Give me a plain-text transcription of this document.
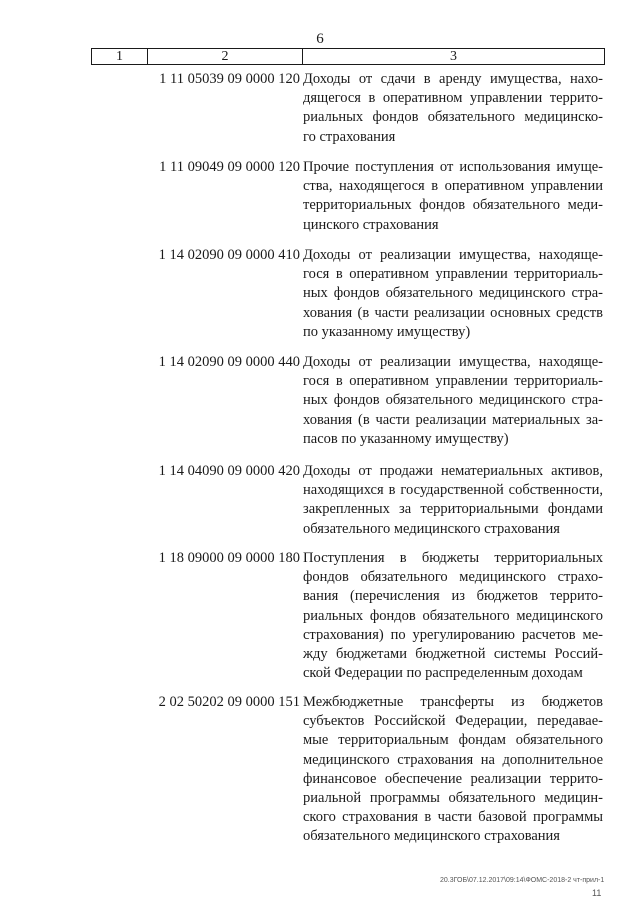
6
1	2	3
1 11 05039 09 0000 120 Доходы от сдачи в аренду имущества, нахо-
дящегося в оперативном управлении террито-
риальных фондов обязательного медицинско-
го страхования
1 11 09049 09 0000 120 Прочие поступления от использования имуще-
ства, находящегося в оперативном управлении
территориальных фондов обязательного меди-
цинского страхования
1 14 02090 09 0000 410 Доходы от реализации имущества, находяще-
гося в оперативном управлении территориаль-
ных фондов обязательного медицинского стра-
хования (в части реализации основных средств
по указанному имуществу)
1 14 02090 09 0000 440 Доходы от реализации имущества, находяще-
гося в оперативном управлении территориаль-
ных фондов обязательного медицинского стра-
хования (в части реализации материальных за-
пасов по указанному имуществу)
1 14 04090 09 0000 420 Доходы от продажи нематериальных активов,
находящихся в государственной собственности,
закрепленных за территориальными фондами
обязательного медицинского страхования
1 18 09000 09 0000 180 Поступления в бюджеты территориальных
фондов обязательного медицинского страхо-
вания (перечисления из бюджетов террито-
риальных фондов обязательного медицинского
страхования) по урегулированию расчетов ме-
жду бюджетами бюджетной системы Россий-
ской Федерации по распределенным доходам
2 02 50202 09 0000 151 Межбюджетные трансферты из бюджетов
субъектов Российской Федерации, передавае-
мые территориальным фондам обязательного
медицинского страхования на дополнительное
финансовое обеспечение реализации террито-
риальной программы обязательного медицин-
ского страхования в части базовой программы
обязательного медицинского страхования
20.3ГОБ\07.12.2017\09:14\ФОМС-2018-2 чт-прил-1
11
